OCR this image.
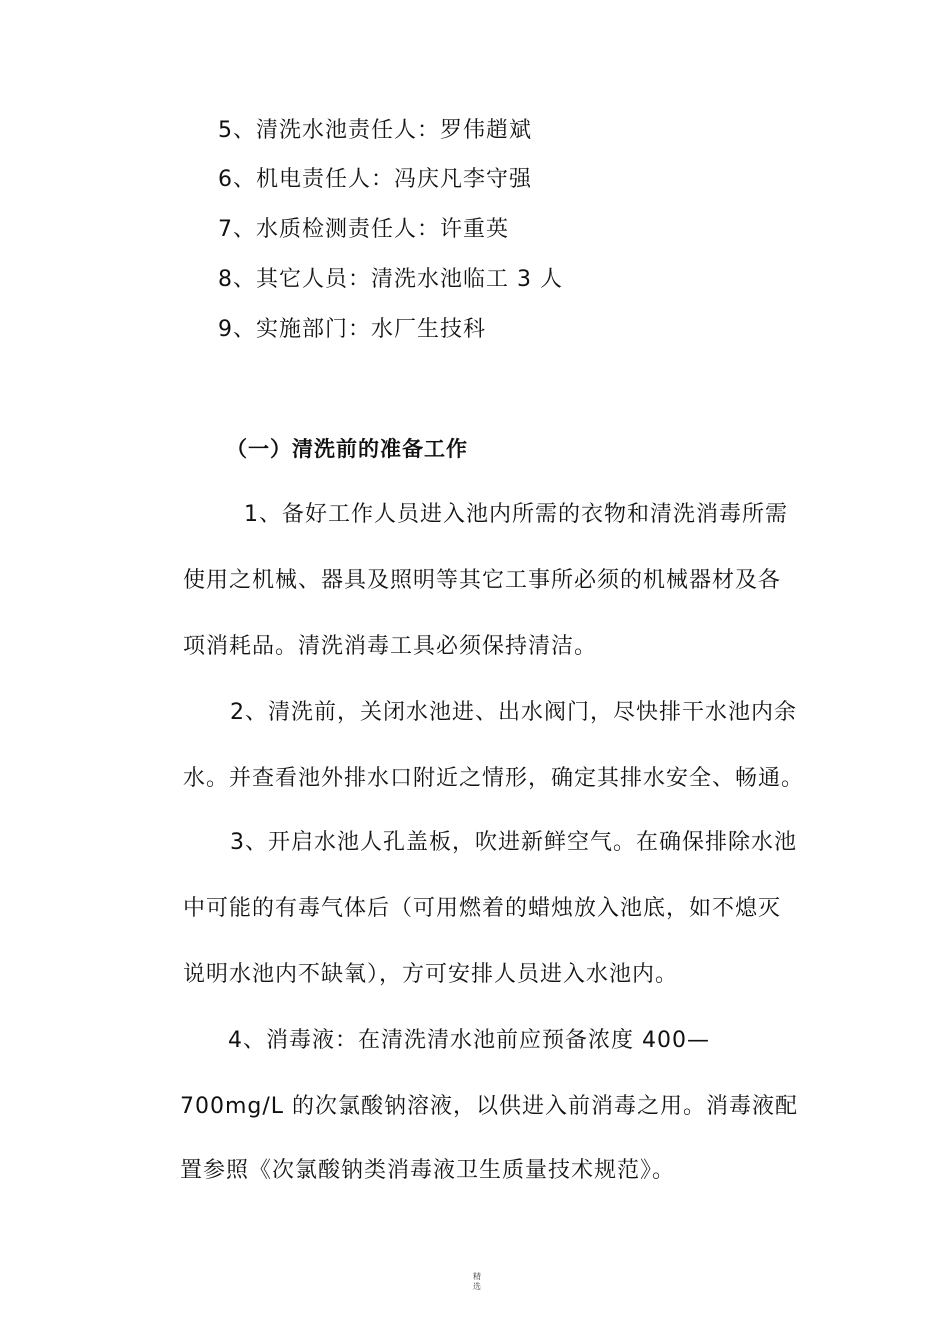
5、清洗水池责任人：罗伟趙斌
6、机电责任人：冯庆凡李守强
7、水质检测责任人：许重英
8、其它人员：清洗水池临工 3 人
9、实施部门：水厂生技科
（一）清洗前的准备工作
1、备好工作人员进入池内所需的衣物和清洗消毒所需
使用之机械、器具及照明等其它工事所必须的机械器材及各
项消耗品。清洗消毒工具必须保持清洁。
2、清洗前，关闭水池进、出水阀门，尽快排干水池内余
水。并查看池外排水口附近之情形，确定其排水安全、畅通。
3、开启水池人孔盖板，吹进新鲜空气。在确保排除水池
中可能的有毒气体后（可用燃着的蜡烛放入池底，如不熄灭
说明水池内不缺氧），方可安排人员进入水池内。
4、消毒液：在清洗清水池前应预备浓度 400—
700mg/L 的次氯酸钠溶液，以供进入前消毒之用。消毒液配
置参照《次氯酸钠类消毒液卫生质量技术规范》。
精选
